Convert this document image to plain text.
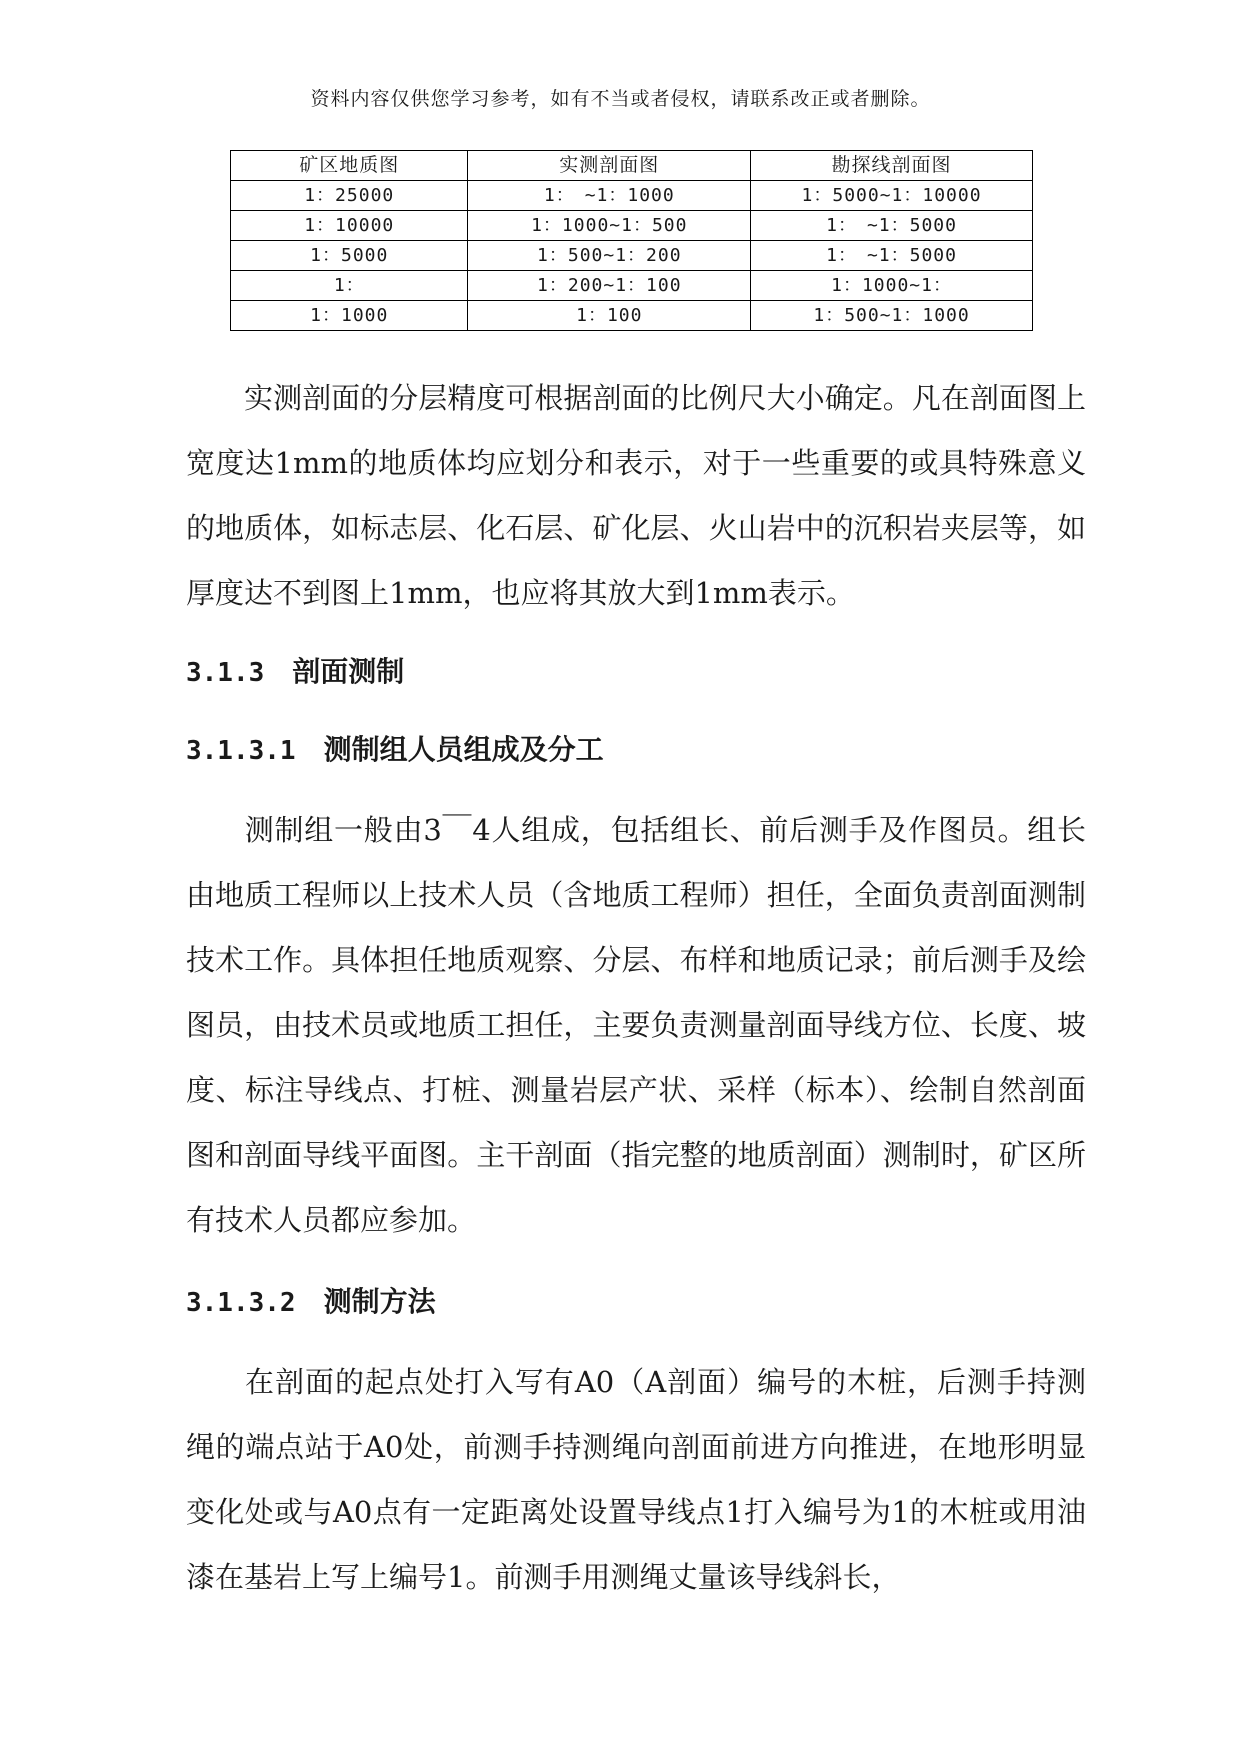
资料内容仅供您学习参考，如有不当或者侵权，请联系改正或者删除。
矿区地质图	实测剖面图	勘探线剖面图
1：25000	1：　~1：1000	1：5000~1：10000
1：10000	1：1000~1：500	1：　~1：5000
1：5000	1：500~1：200	1：　~1：5000
1：	1：200~1：100	1：1000~1：
1：1000	1：100	1：500~1：1000

实测剖面的分层精度可根据剖面的比例尺大小确定。凡在剖面图上宽度达1mm的地质体均应划分和表示，对于一些重要的或具特殊意义的地质体，如标志层、化石层、矿化层、火山岩中的沉积岩夹层等，如厚度达不到图上1mm，也应将其放大到1mm表示。

3.1.3 剖面测制
3.1.3.1 测制组人员组成及分工

测制组一般由3￣4人组成，包括组长、前后测手及作图员。组长由地质工程师以上技术人员（含地质工程师）担任，全面负责剖面测制技术工作。具体担任地质观察、分层、布样和地质记录；前后测手及绘图员，由技术员或地质工担任，主要负责测量剖面导线方位、长度、坡度、标注导线点、打桩、测量岩层产状、采样（标本）、绘制自然剖面图和剖面导线平面图。主干剖面（指完整的地质剖面）测制时，矿区所有技术人员都应参加。

3.1.3.2 测制方法

在剖面的起点处打入写有A0（A剖面）编号的木桩，后测手持测绳的端点站于A0处，前测手持测绳向剖面前进方向推进，在地形明显变化处或与A0点有一定距离处设置导线点1打入编号为1的木桩或用油漆在基岩上写上编号1。前测手用测绳丈量该导线斜长，
